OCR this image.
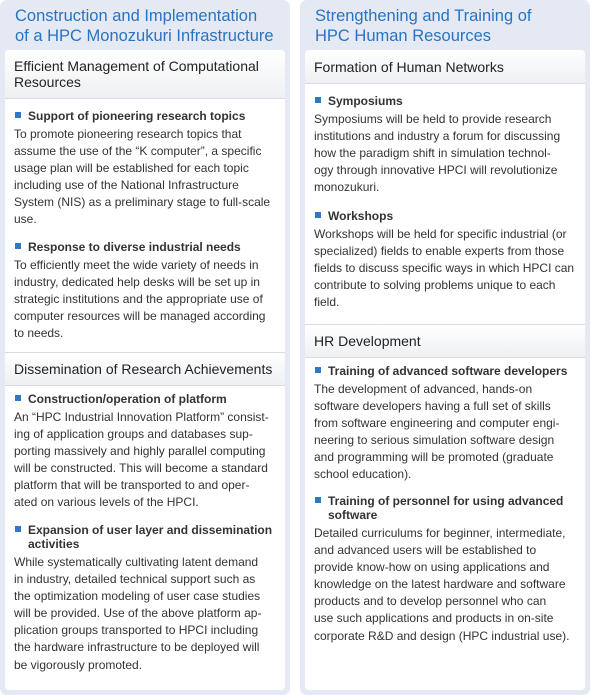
Construction and Implementation
of a HPC Monozukuri Infrastructure
Efficient Management of Computational
Resources
Support of pioneering research topics
To promote pioneering research topics that
assume the use of the “K computer”, a specific
usage plan will be established for each topic
including use of the National Infrastructure
System (NIS) as a preliminary stage to full-scale
use.
Response to diverse industrial needs
To efficiently meet the wide variety of needs in
industry, dedicated help desks will be set up in
strategic institutions and the appropriate use of
computer resources will be managed according
to needs.
Dissemination of Research Achievements
Construction/operation of platform
An “HPC Industrial Innovation Platform” consist-
ing of application groups and databases sup-
porting massively and highly parallel computing
will be constructed. This will become a standard
platform that will be transported to and oper-
ated on various levels of the HPCI.
Expansion of user layer and dissemination
activities
While systematically cultivating latent demand
in industry, detailed technical support such as
the optimization modeling of user case studies
will be provided. Use of the above platform ap-
plication groups transported to HPCI including
the hardware infrastructure to be deployed will
be vigorously promoted.
Strengthening and Training of
HPC Human Resources
Formation of Human Networks
Symposiums
Symposiums will be held to provide research
institutions and industry a forum for discussing
how the paradigm shift in simulation technol-
ogy through innovative HPCI will revolutionize
monozukuri.
Workshops
Workshops will be held for specific industrial (or
specialized) fields to enable experts from those
fields to discuss specific ways in which HPCI can
contribute to solving problems unique to each
field.
HR Development
Training of advanced software developers
The development of advanced, hands-on
software developers having a full set of skills
from software engineering and computer engi-
neering to serious simulation software design
and programming will be promoted (graduate
school education).
Training of personnel for using advanced
software
Detailed curriculums for beginner, intermediate,
and advanced users will be established to
provide know-how on using applications and
knowledge on the latest hardware and software
products and to develop personnel who can
use such applications and products in on-site
corporate R&D and design (HPC industrial use).
